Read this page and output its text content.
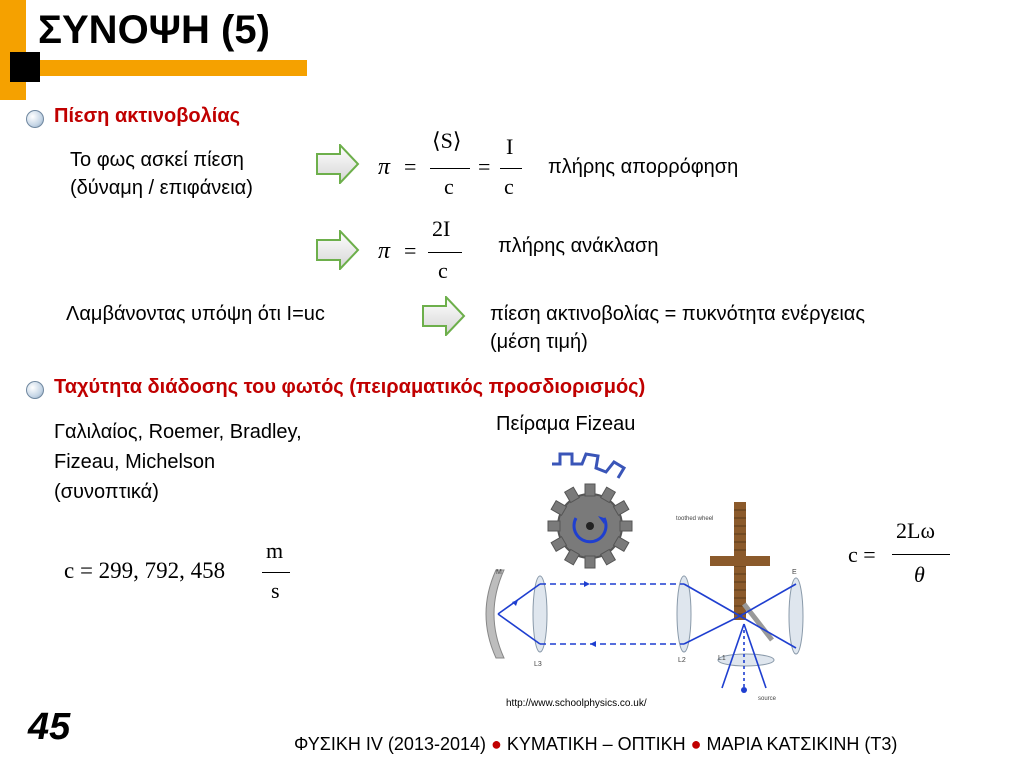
ΣΥΝΟΨΗ (5)
Πίεση ακτινοβολίας
Το φως ασκεί πίεση
(δύναμη / επιφάνεια)
π =
⟨S⟩
c
=
I
c
πλήρης απορρόφηση
π =
2I
c
πλήρης ανάκλαση
Λαμβάνοντας υπόψη ότι I=uc	πίεση ακτινοβολίας = πυκνότητα ενέργειας
(μέση τιμή)
Ταχύτητα διάδοσης του φωτός (πειραματικός προσδιορισμός)
Γαλιλαίος, Roemer, Bradley,
Fizeau, Michelson
(συνοπτικά)
Πείραμα Fizeau
c = 299, 792, 458
m
s
c =
2Lω
θ
toothed wheel
M
L3
L2
E
L1
source
http://www.schoolphysics.co.uk/
45	ΦΥΣΙΚΗ IV (2013-2014) ● ΚΥΜΑΤΙΚΗ – ΟΠΤΙΚΗ ● ΜΑΡΙΑ ΚΑΤΣΙΚΙΝΗ (Τ3)
